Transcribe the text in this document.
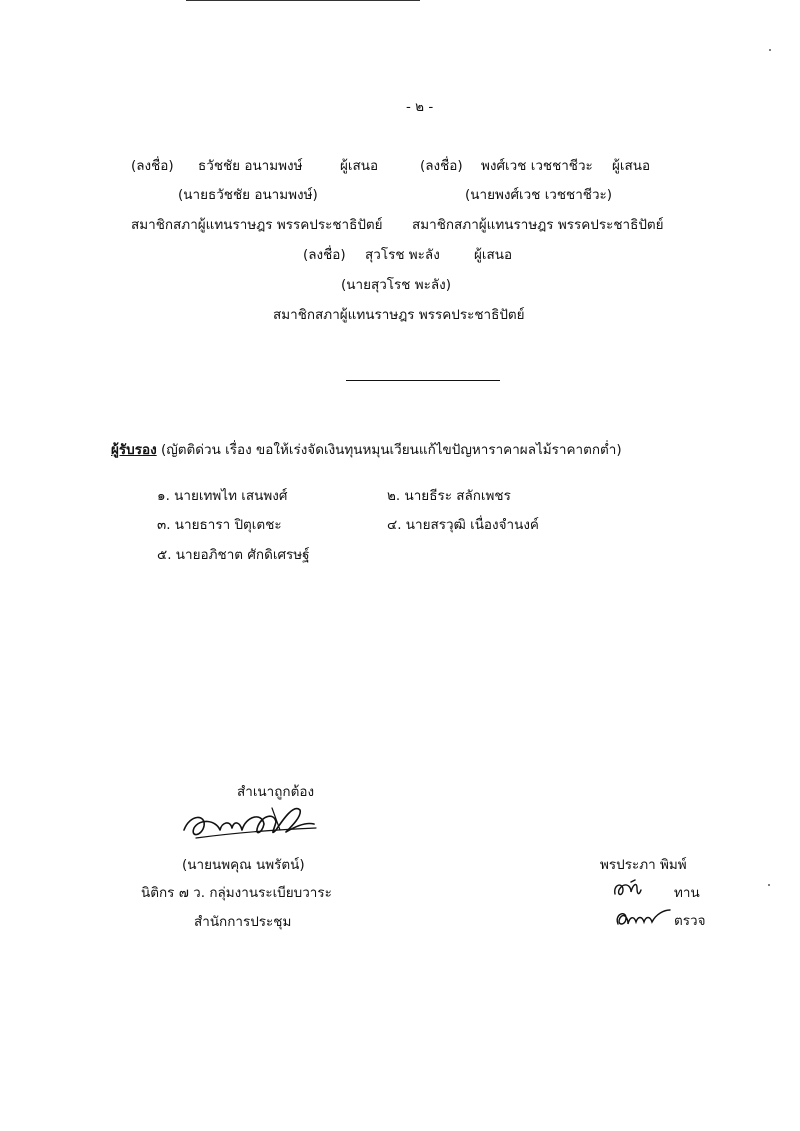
- ๒ -
(ลงชื่อ) ธวัชชัย อนามพงษ์	ผู้เสนอ
(นายธวัชชัย อนามพงษ์)
สมาชิกสภาผู้แทนราษฎร พรรคประชาธิปัตย์
(ลงชื่อ) พงศ์เวช เวชชาชีวะ ผู้เสนอ
(นายพงศ์เวช เวชชาชีวะ)
สมาชิกสภาผู้แทนราษฎร พรรคประชาธิปัตย์
(ลงชื่อ) สุวโรช พะลัง	ผู้เสนอ
(นายสุวโรช พะลัง)
สมาชิกสภาผู้แทนราษฎร พรรคประชาธิปัตย์
ผู้รับรอง (ญัตติด่วน เรื่อง ขอให้เร่งจัดเงินทุนหมุนเวียนแก้ไขปัญหาราคาผลไม้ราคาตกต่ำ)
๑. นายเทพไท เสนพงศ์	๒. นายธีระ สลักเพชร
๓. นายธารา ปิตุเตชะ	๔. นายสรวุฒิ เนื่องจำนงค์
๕. นายอภิชาต ศักดิเศรษฐ์
สำเนาถูกต้อง
(นายนพคุณ นพรัตน์)
นิติกร ๗ ว. กลุ่มงานระเบียบวาระ
สำนักการประชุม
พรประภา พิมพ์
ทาน
ตรวจ
